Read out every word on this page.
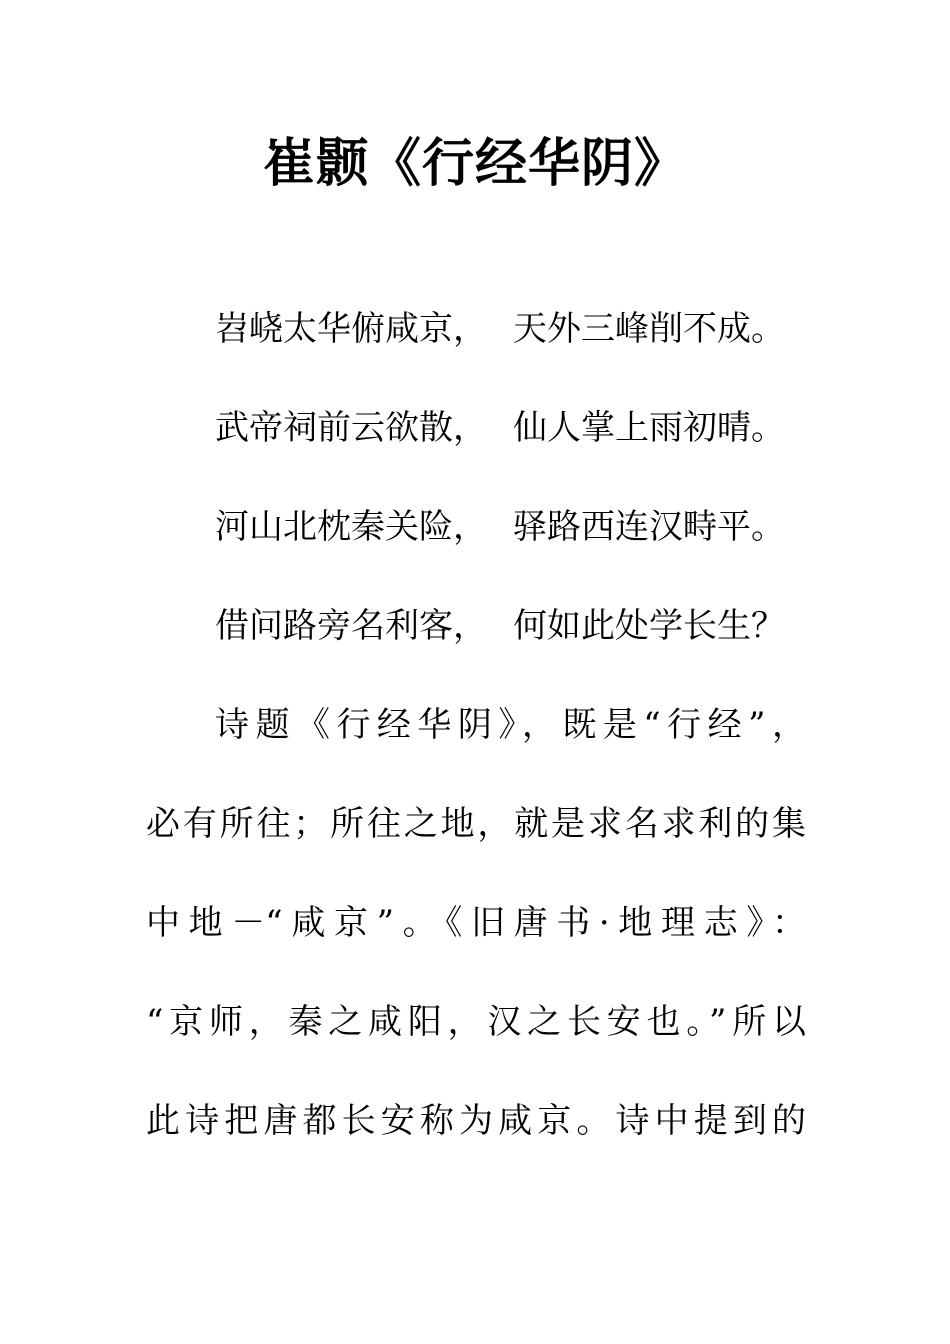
崔颢《行经华阴》
岧峣太华俯咸京， 天外三峰削不成。
武帝祠前云欲散， 仙人掌上雨初晴。
河山北枕秦关险， 驿路西连汉畤平。
借问路旁名利客， 何如此处学长生？
诗题《行经华阴》，既是“行经”，
必有所往；所往之地，就是求名求利的集
中地－“咸京”。《旧唐书·地理志》：
“京师，秦之咸阳，汉之长安也。”所以
此诗把唐都长安称为咸京。诗中提到的
